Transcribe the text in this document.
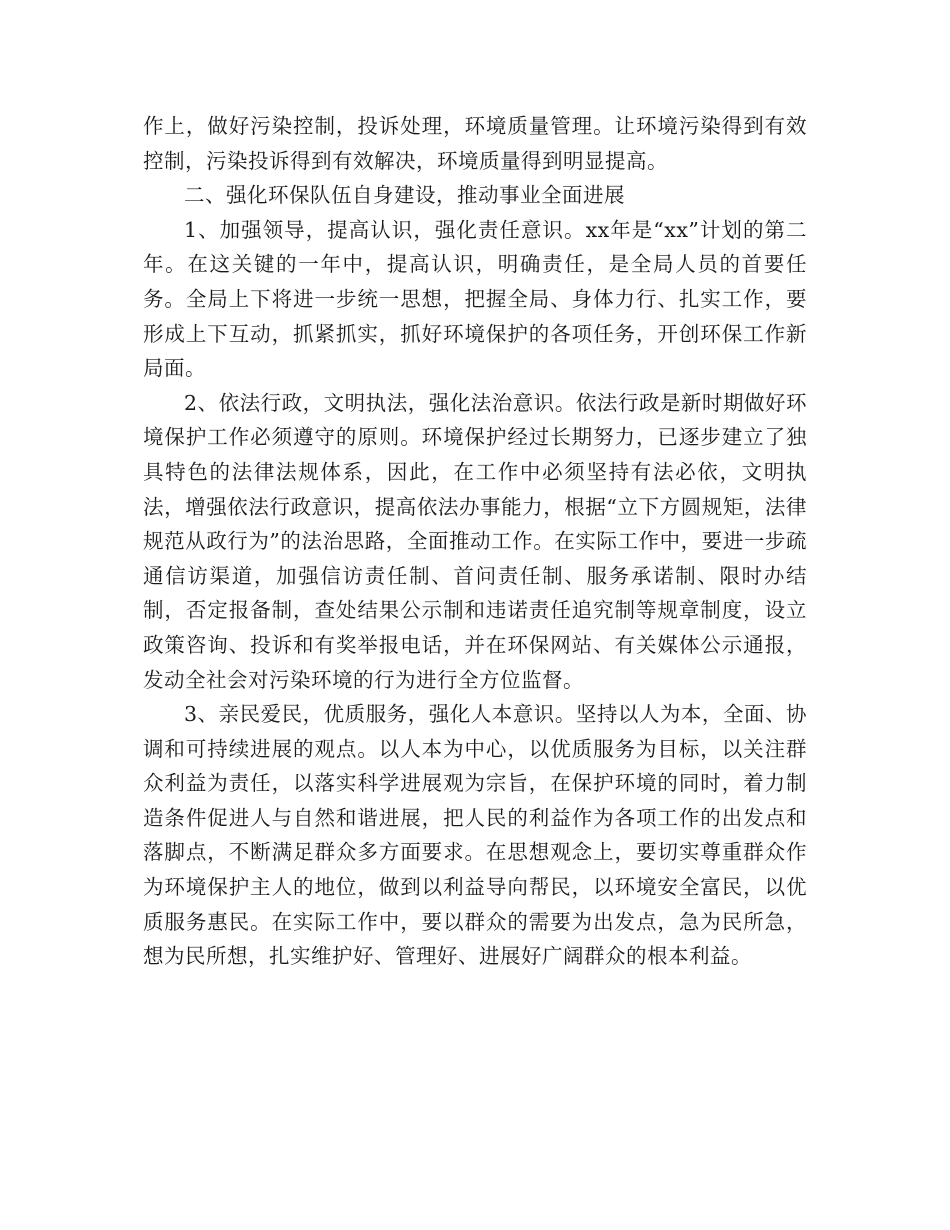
作上，做好污染控制，投诉处理，环境质量管理。让环境污染得到有效控制，污染投诉得到有效解决，环境质量得到明显提高。

二、强化环保队伍自身建设，推动事业全面进展

1、加强领导，提高认识，强化责任意识。xx年是“xx”计划的第二年。在这关键的一年中，提高认识，明确责任，是全局人员的首要任务。全局上下将进一步统一思想，把握全局、身体力行、扎实工作，要形成上下互动，抓紧抓实，抓好环境保护的各项任务，开创环保工作新局面。

2、依法行政，文明执法，强化法治意识。依法行政是新时期做好环境保护工作必须遵守的原则。环境保护经过长期努力，已逐步建立了独具特色的法律法规体系，因此，在工作中必须坚持有法必依，文明执法，增强依法行政意识，提高依法办事能力，根据“立下方圆规矩，法律规范从政行为”的法治思路，全面推动工作。在实际工作中，要进一步疏通信访渠道，加强信访责任制、首问责任制、服务承诺制、限时办结制，否定报备制，查处结果公示制和违诺责任追究制等规章制度，设立政策咨询、投诉和有奖举报电话，并在环保网站、有关媒体公示通报，发动全社会对污染环境的行为进行全方位监督。

3、亲民爱民，优质服务，强化人本意识。坚持以人为本，全面、协调和可持续进展的观点。以人本为中心，以优质服务为目标，以关注群众利益为责任，以落实科学进展观为宗旨，在保护环境的同时，着力制造条件促进人与自然和谐进展，把人民的利益作为各项工作的出发点和落脚点，不断满足群众多方面要求。在思想观念上，要切实尊重群众作为环境保护主人的地位，做到以利益导向帮民，以环境安全富民，以优质服务惠民。在实际工作中，要以群众的需要为出发点，急为民所急，想为民所想，扎实维护好、管理好、进展好广阔群众的根本利益。
